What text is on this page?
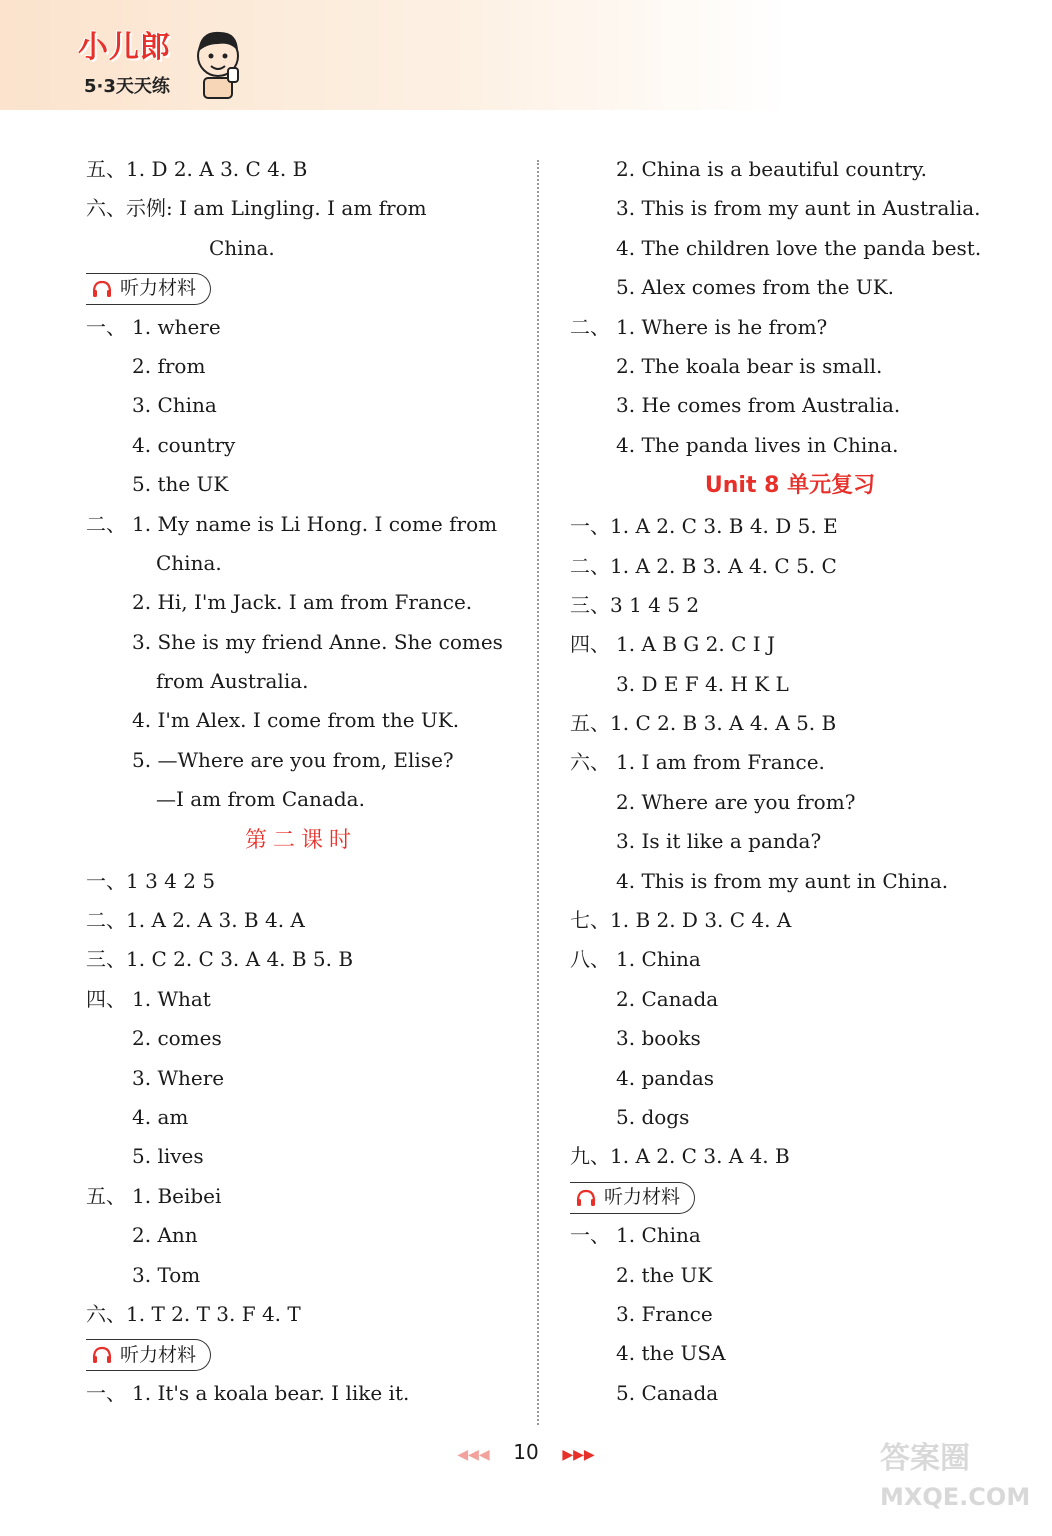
小儿郎
5·3天天练
五、1. D 2. A 3. C 4. B
六、示例: I am Lingling. I am from
China.
听力材料
一、 1. where
2. from
3. China
4. country
5. the UK
二、 1. My name is Li Hong. I come from
China.
2. Hi, I'm Jack. I am from France.
3. She is my friend Anne. She comes
from Australia.
4. I'm Alex. I come from the UK.
5. —Where are you from, Elise?
—I am from Canada.
第二课时
一、1 3 4 2 5
二、1. A 2. A 3. B 4. A
三、1. C 2. C 3. A 4. B 5. B
四、 1. What
2. comes
3. Where
4. am
5. lives
五、 1. Beibei
2. Ann
3. Tom
六、1. T 2. T 3. F 4. T
听力材料
一、 1. It's a koala bear. I like it.
2. China is a beautiful country.
3. This is from my aunt in Australia.
4. The children love the panda best.
5. Alex comes from the UK.
二、 1. Where is he from?
2. The koala bear is small.
3. He comes from Australia.
4. The panda lives in China.
Unit 8 单元复习
一、1. A 2. C 3. B 4. D 5. E
二、1. A 2. B 3. A 4. C 5. C
三、3 1 4 5 2
四、 1. A B G 2. C I J
3. D E F 4. H K L
五、1. C 2. B 3. A 4. A 5. B
六、 1. I am from France.
2. Where are you from?
3. Is it like a panda?
4. This is from my aunt in China.
七、1. B 2. D 3. C 4. A
八、 1. China
2. Canada
3. books
4. pandas
5. dogs
九、1. A 2. C 3. A 4. B
听力材料
一、 1. China
2. the UK
3. France
4. the USA
5. Canada
◀◀◀ 10 ▶▶▶	答案圈
MXQE.COM
